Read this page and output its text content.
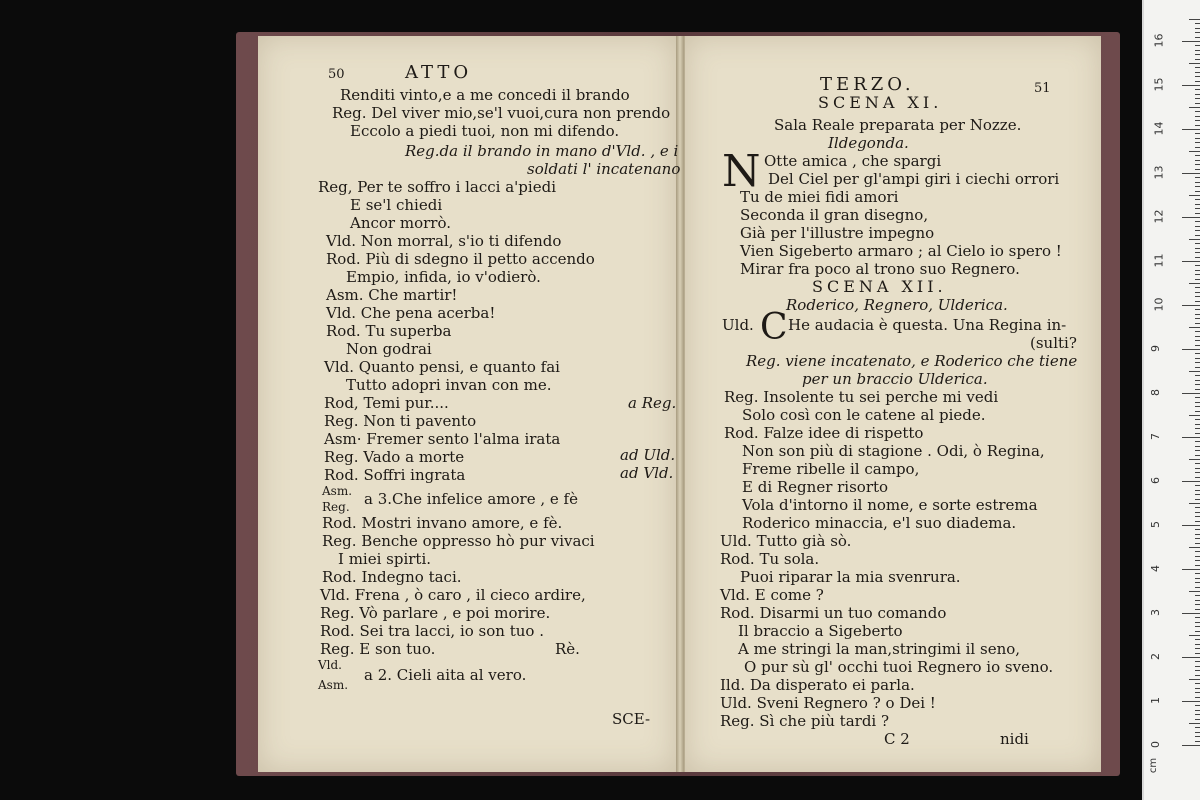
50	ATTO
Renditi vinto,e a me concedi il brando
Reg. Del viver mio,se'l vuoi,cura non prendo
Eccolo a piedi tuoi, non mi difendo.
Reg.da il brando in mano d'Vld. , e i
soldati l' incatenano
Reg, Per te soffro i lacci a'piedi
E se'l chiedi
Ancor morrò.
Vld. Non morral, s'io ti difendo
Rod. Più di sdegno il petto accendo
Empio, infida, io v'odierò.
Asm. Che martir!
Vld. Che pena acerba!
Rod. Tu superba
Non godrai
Vld. Quanto pensi, e quanto fai
Tutto adopri invan con me.
Rod, Temi pur....
Reg. Non ti pavento
Asm· Fremer sento l'alma irata
Reg. Vado a morte
Rod. Soffri ingrata
Asm.
Reg. a 3.Che infelice amore , e fè
Rod. Mostri invano amore, e fè.
Reg. Benche oppresso hò pur vivaci
I miei spirti.
Rod. Indegno taci.
Vld. Frena , ò caro , il cieco ardire,
Reg. Vò parlare , e poi morire.
Rod. Sei tra lacci, io son tuo .
Reg. E son tuo.	Rè.
Vld.
Asm.
a 2. Cieli aita al vero.
a Reg.
ad Uld.
ad Vld.
SCE-
TERZO.	51
SCENA XI.
Sala Reale preparata per Nozze.
Ildegonda.
N Otte amica , che spargi
Del Ciel per gl'ampi giri i ciechi orrori
Tu de miei fidi amori
Seconda il gran disegno,
Già per l'illustre impegno
Vien Sigeberto armaro ; al Cielo io spero !
Mirar fra poco al trono suo Regnero.
SCENA XII.
Roderico, Regnero, Ulderica.
Uld. C He audacia è questa. Una Regina in-
(sulti?
Reg. viene incatenato, e Roderico che tiene
per un braccio Ulderica.
Reg. Insolente tu sei perche mi vedi
Solo così con le catene al piede.
Rod. Falze idee di rispetto
Non son più di stagione . Odi, ò Regina,
Freme ribelle il campo,
E di Regner risorto
Vola d'intorno il nome, e sorte estrema
Roderico minaccia, e'l suo diadema.
Uld. Tutto già sò.
Rod. Tu sola.
Puoi riparar la mia svenrura.
Vld. E come ?
Rod. Disarmi un tuo comando
Il braccio a Sigeberto
A me stringi la man,stringimi il seno,
O pur sù gl' occhi tuoi Regnero io sveno.
Ild. Da disperato ei parla.
Uld. Sveni Regnero ? o Dei !
Reg. Sì che più tardi ?
C 2	nidi
cm
0
1
2
3
4
5
6
7
8
9
10
11
12
13
14
15
16
